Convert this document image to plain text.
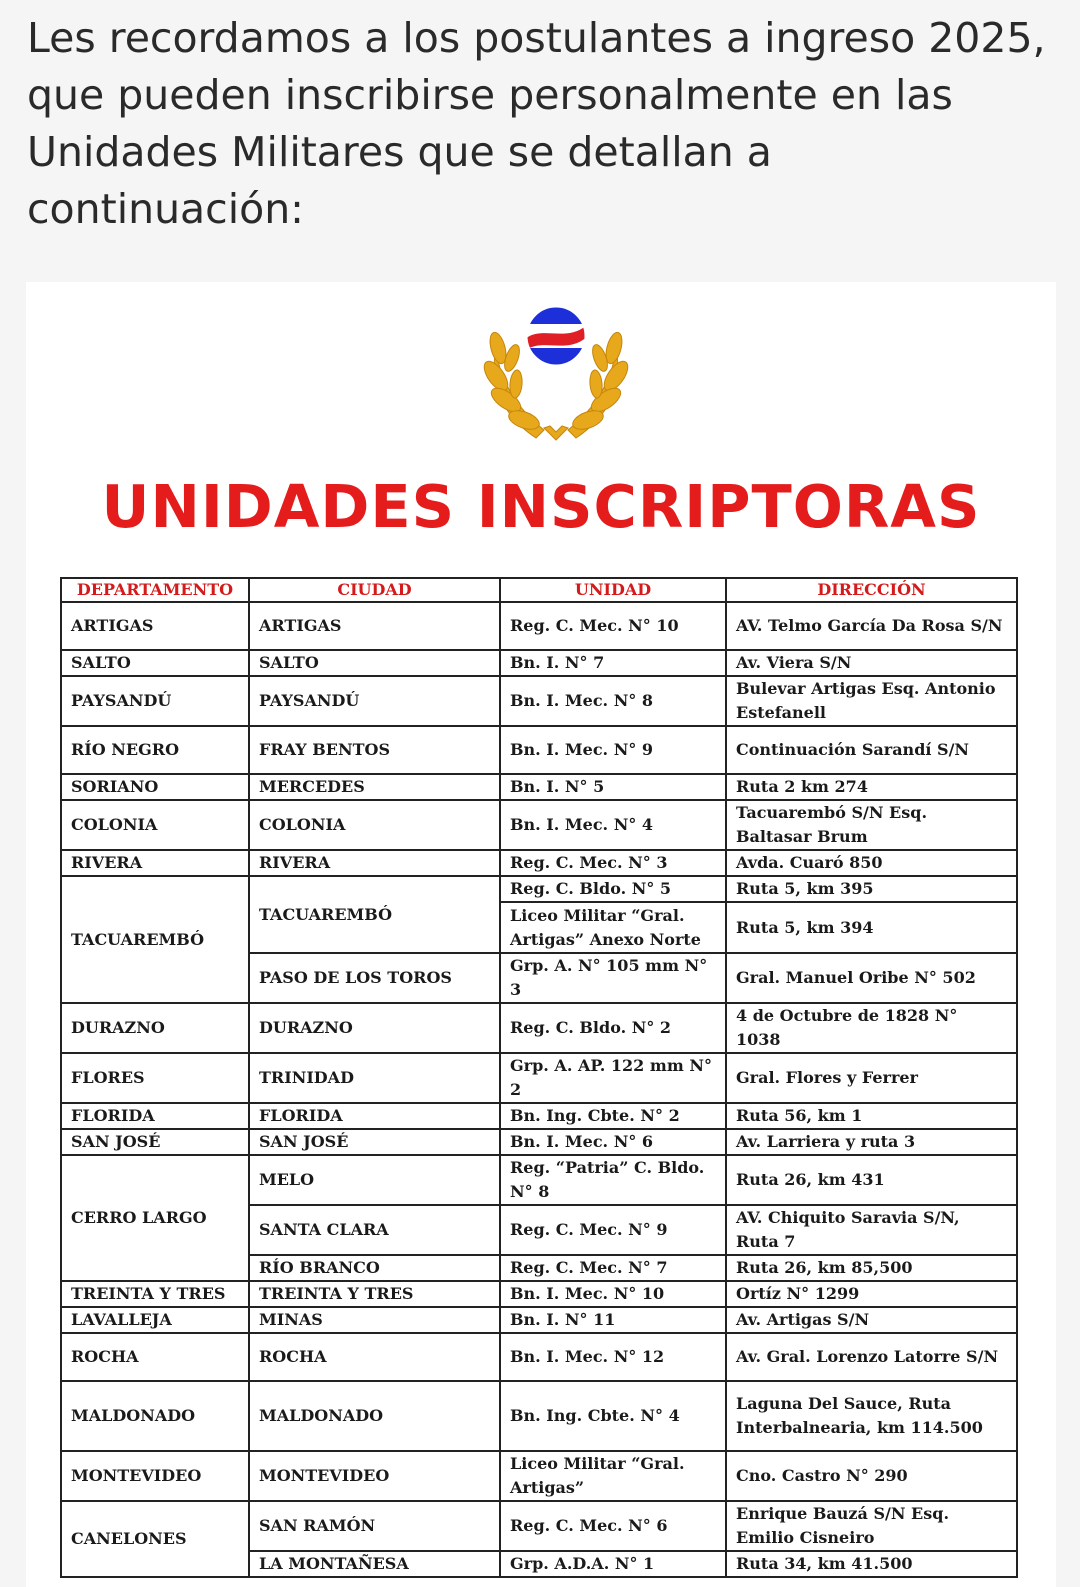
Les recordamos a los postulantes a ingreso 2025, que pueden inscribirse personalmente en las Unidades Militares que se detallan a continuación:
UNIDADES INSCRIPTORAS
DEPARTAMENTO	CIUDAD	UNIDAD	DIRECCIÓN
ARTIGAS	ARTIGAS	Reg. C. Mec. N° 10	AV. Telmo García Da Rosa S/N
SALTO	SALTO	Bn. I. N° 7	Av. Viera S/N
PAYSANDÚ	PAYSANDÚ	Bn. I. Mec. N° 8	Bulevar Artigas Esq. Antonio Estefanell
RÍO NEGRO	FRAY BENTOS	Bn. I. Mec. N° 9	Continuación Sarandí S/N
SORIANO	MERCEDES	Bn. I. N° 5	Ruta 2 km 274
COLONIA	COLONIA	Bn. I. Mec. N° 4	Tacuarembó S/N Esq. Baltasar Brum
RIVERA	RIVERA	Reg. C. Mec. N° 3	Avda. Cuaró 850
TACUAREMBÓ	TACUAREMBÓ	Reg. C. Bldo. N° 5	Ruta 5, km 395
		Liceo Militar “Gral. Artigas” Anexo Norte	Ruta 5, km 394
	PASO DE LOS TOROS	Grp. A. N° 105 mm N° 3	Gral. Manuel Oribe N° 502
DURAZNO	DURAZNO	Reg. C. Bldo. N° 2	4 de Octubre de 1828 N° 1038
FLORES	TRINIDAD	Grp. A. AP. 122 mm N° 2	Gral. Flores y Ferrer
FLORIDA	FLORIDA	Bn. Ing. Cbte. N° 2	Ruta 56, km 1
SAN JOSÉ	SAN JOSÉ	Bn. I. Mec. N° 6	Av. Larriera y ruta 3
CERRO LARGO	MELO	Reg. “Patria” C. Bldo. N° 8	Ruta 26, km 431
	SANTA CLARA	Reg. C. Mec. N° 9	AV. Chiquito Saravia S/N, Ruta 7
	RÍO BRANCO	Reg. C. Mec. N° 7	Ruta 26, km 85,500
TREINTA Y TRES	TREINTA Y TRES	Bn. I. Mec. N° 10	Ortíz N° 1299
LAVALLEJA	MINAS	Bn. I. N° 11	Av. Artigas S/N
ROCHA	ROCHA	Bn. I. Mec. N° 12	Av. Gral. Lorenzo Latorre S/N
MALDONADO	MALDONADO	Bn. Ing. Cbte. N° 4	Laguna Del Sauce, Ruta Interbalnearia, km 114.500
MONTEVIDEO	MONTEVIDEO	Liceo Militar “Gral. Artigas”	Cno. Castro N° 290
CANELONES	SAN RAMÓN	Reg. C. Mec. N° 6	Enrique Bauzá S/N Esq. Emilio Cisneiro
	LA MONTAÑESA	Grp. A.D.A. N° 1	Ruta 34, km 41.500
